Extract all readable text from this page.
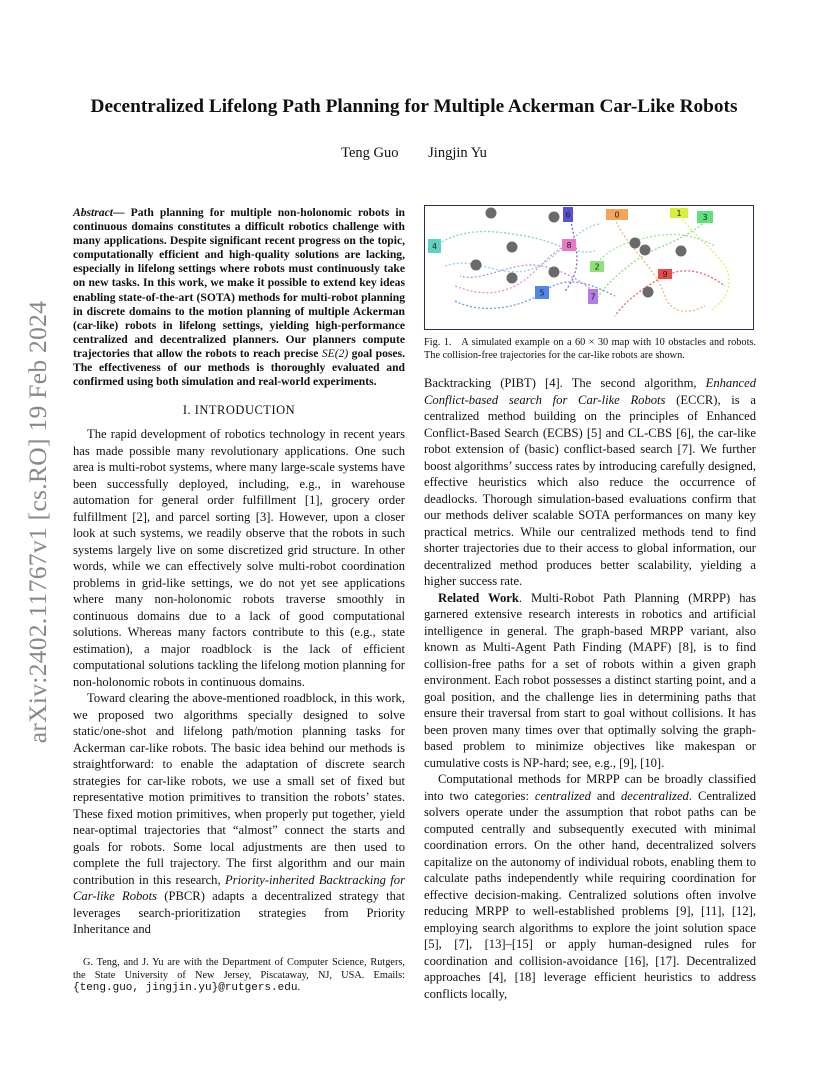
arXiv:2402.11767v1 [cs.RO] 19 Feb 2024
Decentralized Lifelong Path Planning for Multiple Ackerman Car-Like Robots
Teng Guo Jingjin Yu
Abstract— Path planning for multiple non-holonomic robots in continuous domains constitutes a difficult robotics challenge with many applications. Despite significant recent progress on the topic, computationally efficient and high-quality solutions are lacking, especially in lifelong settings where robots must continuously take on new tasks. In this work, we make it possible to extend key ideas enabling state-of-the-art (SOTA) methods for multi-robot planning in discrete domains to the motion planning of multiple Ackerman (car-like) robots in lifelong settings, yielding high-performance centralized and decentralized planners. Our planners compute trajectories that allow the robots to reach precise SE(2) goal poses. The effectiveness of our methods is thoroughly evaluated and confirmed using both simulation and real-world experiments.
I. INTRODUCTION

The rapid development of robotics technology in recent years has made possible many revolutionary applications. One such area is multi-robot systems, where many large-scale systems have been successfully deployed, including, e.g., in warehouse automation for general order fulfillment [1], grocery order fulfillment [2], and parcel sorting [3]. However, upon a closer look at such systems, we readily observe that the robots in such systems largely live on some discretized grid structure. In other words, while we can effectively solve multi-robot coordination problems in grid-like settings, we do not yet see applications where many non-holonomic robots traverse smoothly in continuous domains due to a lack of good computational solutions. Whereas many factors contribute to this (e.g., state estimation), a major roadblock is the lack of efficient computational solutions tackling the lifelong motion planning for non-holonomic robots in continuous domains.

Toward clearing the above-mentioned roadblock, in this work, we proposed two algorithms specially designed to solve static/one-shot and lifelong path/motion planning tasks for Ackerman car-like robots. The basic idea behind our methods is straightforward: to enable the adaptation of discrete search strategies for car-like robots, we use a small set of fixed but representative motion primitives to transition the robots’ states. These fixed motion primitives, when properly put together, yield near-optimal trajectories that “almost” connect the starts and goals for robots. Some local adjustments are then used to complete the full trajectory. The first algorithm and our main contribution in this research, Priority-inherited Backtracking for Car-like Robots (PBCR) adapts a decentralized strategy that leverages search-prioritization strategies from Priority Inheritance and

G. Teng, and J. Yu are with the Department of Computer Science, Rutgers, the State University of New Jersey, Piscataway, NJ, USA. Emails: {teng.guo, jingjin.yu}@rutgers.edu.

0	1
2
3
4
5
6
7
8
9
Fig. 1. A simulated example on a 60 × 30 map with 10 obstacles and robots. The collision-free trajectories for the car-like robots are shown.

Backtracking (PIBT) [4]. The second algorithm, Enhanced Conflict-based search for Car-like Robots (ECCR), is a centralized method building on the principles of Enhanced Conflict-Based Search (ECBS) [5] and CL-CBS [6], the car-like robot extension of (basic) conflict-based search [7]. We further boost algorithms’ success rates by introducing carefully designed, effective heuristics which also reduce the occurrence of deadlocks. Thorough simulation-based evaluations confirm that our methods deliver scalable SOTA performances on many key practical metrics. While our centralized methods tend to find shorter trajectories due to their access to global information, our decentralized method produces better scalability, yielding a higher success rate.

Related Work. Multi-Robot Path Planning (MRPP) has garnered extensive research interests in robotics and artificial intelligence in general. The graph-based MRPP variant, also known as Multi-Agent Path Finding (MAPF) [8], is to find collision-free paths for a set of robots within a given graph environment. Each robot possesses a distinct starting point, and a goal position, and the challenge lies in determining paths that ensure their traversal from start to goal without collisions. It has been proven many times over that optimally solving the graph-based problem to minimize objectives like makespan or cumulative costs is NP-hard; see, e.g., [9], [10].

Computational methods for MRPP can be broadly classified into two categories: centralized and decentralized. Centralized solvers operate under the assumption that robot paths can be computed centrally and subsequently executed with minimal coordination errors. On the other hand, decentralized solvers capitalize on the autonomy of individual robots, enabling them to calculate paths independently while requiring coordination for effective decision-making. Centralized solutions often involve reducing MRPP to well-established problems [9], [11], [12], employing search algorithms to explore the joint solution space [5], [7], [13]–[15] or apply human-designed rules for coordination and collision-avoidance [16], [17]. Decentralized approaches [4], [18] leverage efficient heuristics to address conflicts locally,
